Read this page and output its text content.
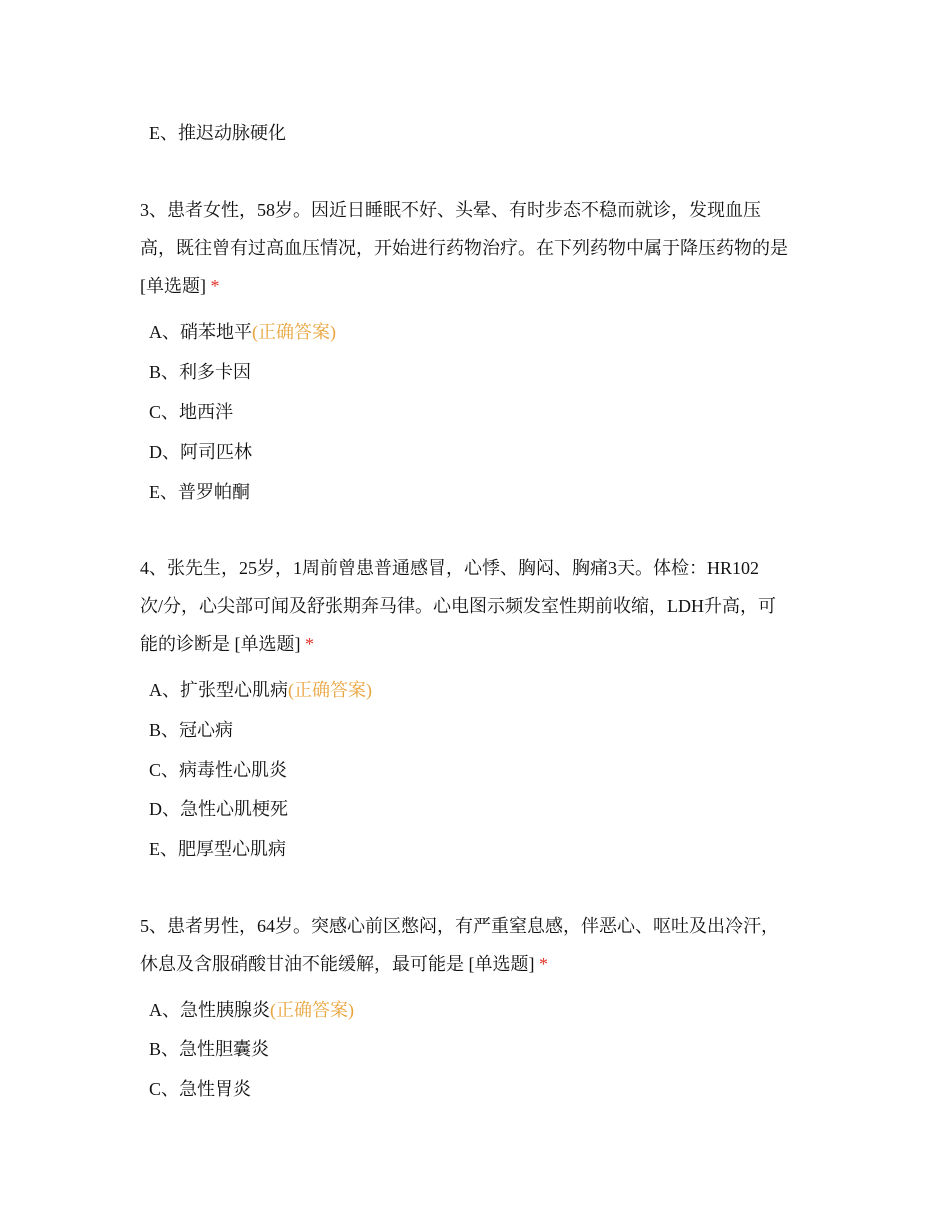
E、推迟动脉硬化
3、患者女性，58岁。因近日睡眠不好、头晕、有时步态不稳而就诊，发现血压
高，既往曾有过高血压情况，开始进行药物治疗。在下列药物中属于降压药物的是
[单选题] *
A、硝苯地平(正确答案)
B、利多卡因
C、地西泮
D、阿司匹林
E、普罗帕酮
4、张先生，25岁，1周前曾患普通感冒，心悸、胸闷、胸痛3天。体检：HR102
次/分，心尖部可闻及舒张期奔马律。心电图示频发室性期前收缩，LDH升高，可
能的诊断是 [单选题] *
A、扩张型心肌病(正确答案)
B、冠心病
C、病毒性心肌炎
D、急性心肌梗死
E、肥厚型心肌病
5、患者男性，64岁。突感心前区憋闷，有严重窒息感，伴恶心、呕吐及出冷汗，
休息及含服硝酸甘油不能缓解，最可能是 [单选题] *
A、急性胰腺炎(正确答案)
B、急性胆囊炎
C、急性胃炎
